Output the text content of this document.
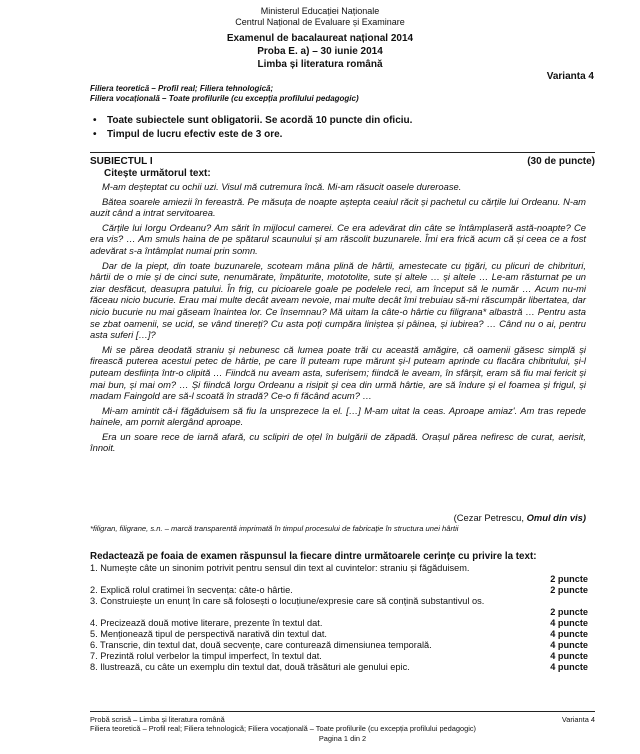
Ministerul Educației Naționale
Centrul Național de Evaluare și Examinare
Examenul de bacalaureat național 2014
Proba E. a) – 30 iunie 2014
Limba și literatura română
Varianta 4
Filiera teoretică – Profil real; Filiera tehnologică;
Filiera vocațională – Toate profilurile (cu excepția profilului pedagogic)
• Toate subiectele sunt obligatorii. Se acordă 10 puncte din oficiu.
• Timpul de lucru efectiv este de 3 ore.
SUBIECTUL I	(30 de puncte)
Citește următorul text:

M-am deșteptat cu ochii uzi. Visul mă cutremura încă. Mi-am răsucit oasele dureroase.

Bătea soarele amiezii în fereastră. Pe măsuța de noapte aștepta ceaiul răcit și pachetul cu cărțile lui Ordeanu. N-am auzit când a intrat servitoarea.

Cărțile lui Iorgu Ordeanu? Am sărit în mijlocul camerei. Ce era adevărat din câte se întâmplaseră astă-noapte? Ce era vis? … Am smuls haina de pe spătarul scaunului și am răscolit buzunarele. Îmi era frică acum că și ceea ce a fost adevărat s-a întâmplat numai prin somn.

Dar de la piept, din toate buzunarele, scoteam mâna plină de hârtii, amestecate cu țigări, cu plicuri de chibrituri, hârtii de o mie și de cinci sute, nenumărate, împăturite, mototolite, sute și altele … și altele … Le-am răsturnat pe un ziar desfăcut, deasupra patului. În frig, cu picioarele goale pe podelele reci, am început să le număr … Acum nu-mi făceau nicio bucurie. Erau mai multe decât aveam nevoie, mai multe decât îmi trebuiau să-mi răscumpăr libertatea, dar nicio bucurie nu mai găseam înaintea lor. Ce însemnau? Mă uitam la câte-o hârtie cu filigrana* albastră … Pentru asta se zbat oamenii, se ucid, se vând tinereți? Cu asta poți cumpăra liniștea și pâinea, și iubirea? … Când nu o ai, pentru asta suferi […]?

Mi se părea deodată straniu și nebunesc că lumea poate trăi cu această amăgire, că oamenii găsesc simplă și firească puterea acestui petec de hârtie, pe care îl puteam rupe mărunt și-l puteam aprinde cu flacăra chibritului, și-l puteam desființa într-o clipită … Fiindcă nu aveam asta, suferisem; fiindcă le aveam, în sfârșit, eram să fiu mai fericit și mai bun, și mai om? … Și fiindcă Iorgu Ordeanu a risipit și cea din urmă hârtie, are să îndure și el foamea și frigul, și madam Faingold are să-l scoată în stradă? Ce-o fi făcând acum? …

Mi-am amintit că-i făgăduisem să fiu la unsprezece la el. […] M-am uitat la ceas. Aproape amiaz'. Am tras repede hainele, am pornit alergând aproape.

Era un soare rece de iarnă afară, cu sclipiri de oțel în bulgării de zăpadă. Orașul părea nefiresc de curat, aerisit, înnoit.

(Cezar Petrescu, Omul din vis)
*filigran, filigrane, s.n. – marcă transparentă imprimată în timpul procesului de fabricație în structura unei hârtii
Redactează pe foaia de examen răspunsul la fiecare dintre următoarele cerințe cu privire la text:
1. Numește câte un sinonim potrivit pentru sensul din text al cuvintelor: straniu și făgăduisem.
2 puncte
2. Explică rolul cratimei în secvența: câte-o hârtie.	2 puncte
3. Construiește un enunț în care să folosești o locuțiune/expresie care să conțină substantivul os.
2 puncte
4. Precizează două motive literare, prezente în textul dat.	4 puncte
5. Menționează tipul de perspectivă narativă din textul dat.	4 puncte
6. Transcrie, din textul dat, două secvențe, care conturează dimensiunea temporală.	4 puncte
7. Prezintă rolul verbelor la timpul imperfect, în textul dat.	4 puncte
8. Ilustrează, cu câte un exemplu din textul dat, două trăsături ale genului epic.	4 puncte
Probă scrisă – Limba și literatura română	Varianta 4
Filiera teoretică – Profil real; Filiera tehnologică; Filiera vocațională – Toate profilurile (cu excepția profilului pedagogic)
Pagina 1 din 2
